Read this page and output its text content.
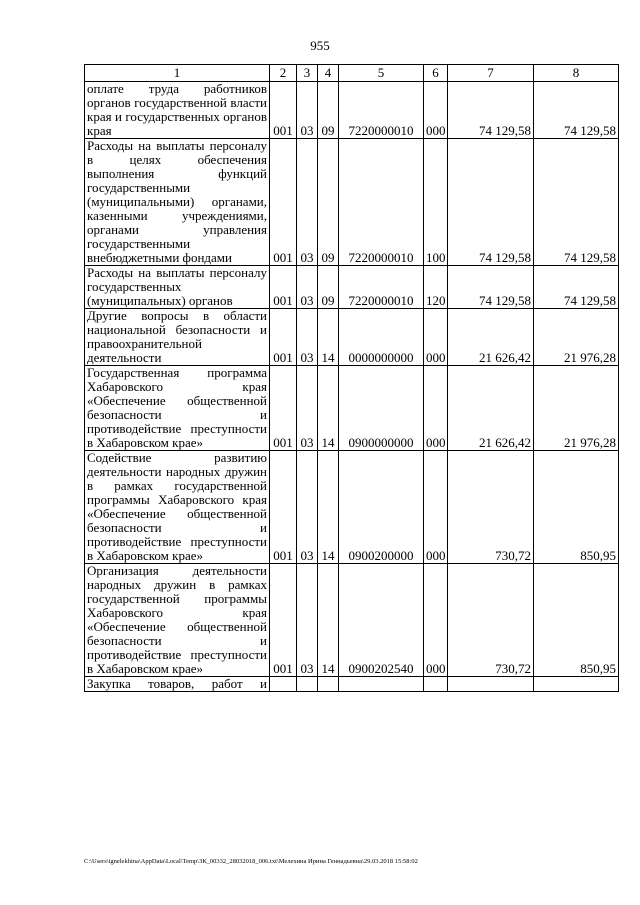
955
1	2	3	4	5	6	7	8
оплате труда работников органов государственной власти края и государственных органов края	001	03	09	7220000010	000	74 129,58	74 129,58
Расходы на выплаты персоналу в целях обеспечения выполнения функций государственными (муниципальными) органами, казенными учреждениями, органами управления государственными внебюджетными фондами	001	03	09	7220000010	100	74 129,58	74 129,58
Расходы на выплаты персоналу государственных (муниципальных) органов	001	03	09	7220000010	120	74 129,58	74 129,58
Другие вопросы в области национальной безопасности и правоохранительной деятельности	001	03	14	0000000000	000	21 626,42	21 976,28
Государственная программа Хабаровского края «Обеспечение общественной безопасности и противодействие преступности в Хабаровском крае»	001	03	14	0900000000	000	21 626,42	21 976,28
Содействие развитию деятельности народных дружин в рамках государственной программы Хабаровского края «Обеспечение общественной безопасности и противодействие преступности в Хабаровском крае»	001	03	14	0900200000	000	730,72	850,95
Организация деятельности народных дружин в рамках государственной программы Хабаровского края «Обеспечение общественной безопасности и противодействие преступности в Хабаровском крае»	001	03	14	0900202540	000	730,72	850,95
Закупка товаров, работ и							
C:\Users\ignelekhina\AppData\Local\Temp\ЗК_00332_28032018_006.txt\Мелехина Ирина Геннадьевна\29.03.2018 15:58:02
